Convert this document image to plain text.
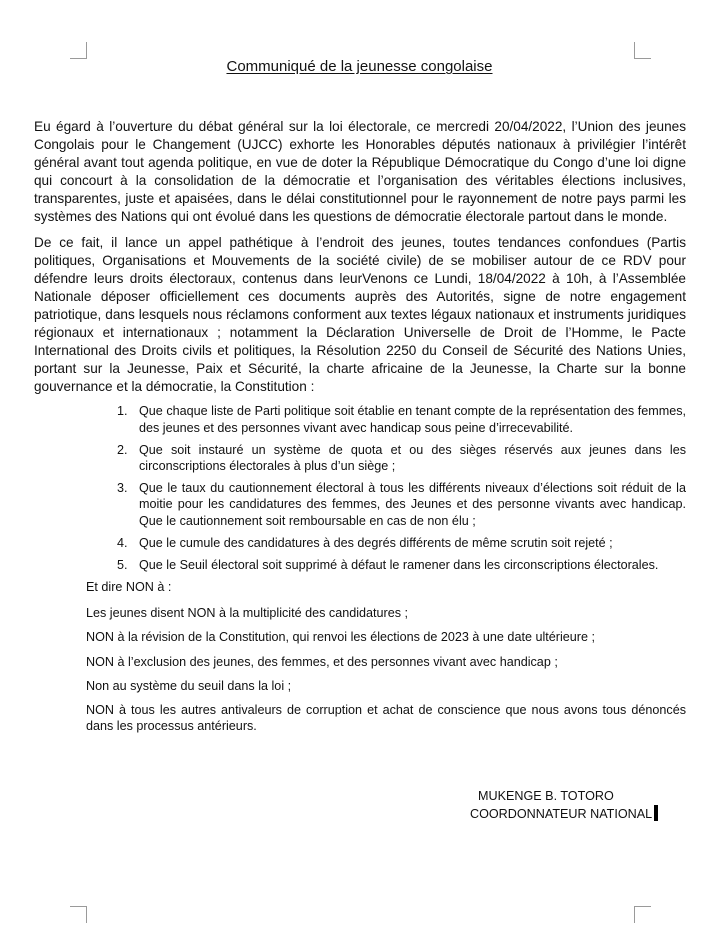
Communiqué de la jeunesse congolaise

Eu égard à l’ouverture du débat général sur la loi électorale, ce mercredi 20/04/2022, l’Union des jeunes Congolais pour le Changement (UJCC) exhorte les Honorables députés nationaux à privilégier l’intérêt général avant tout agenda politique, en vue de doter la République Démocratique du Congo d’une loi digne qui concourt à la consolidation de la démocratie et l’organisation des véritables élections inclusives, transparentes, juste et apaisées, dans le délai constitutionnel pour le rayonnement de notre pays parmi les systèmes des Nations qui ont évolué dans les questions de démocratie électorale partout dans le monde.

De ce fait, il lance un appel pathétique à l’endroit des jeunes, toutes tendances confondues (Partis politiques, Organisations et Mouvements de la société civile) de se mobiliser autour de ce RDV pour défendre leurs droits électoraux, contenus dans leurVenons ce Lundi, 18/04/2022 à 10h, à l’Assemblée Nationale déposer officiellement ces documents auprès des Autorités, signe de notre engagement patriotique, dans lesquels nous réclamons conforment aux textes légaux nationaux et instruments juridiques régionaux et internationaux ; notamment la Déclaration Universelle de Droit de l’Homme, le Pacte International des Droits civils et politiques, la Résolution 2250 du Conseil de Sécurité des Nations Unies, portant sur la Jeunesse, Paix et Sécurité, la charte africaine de la Jeunesse, la Charte sur la bonne gouvernance et la démocratie, la Constitution :

1. Que chaque liste de Parti politique soit établie en tenant compte de la représentation des femmes, des jeunes et des personnes vivant avec handicap sous peine d’irrecevabilité.
2. Que soit instauré un système de quota et ou des sièges réservés aux jeunes dans les circonscriptions électorales à plus d’un siège ;
3. Que le taux du cautionnement électoral à tous les différents niveaux d’élections soit réduit de la moitie pour les candidatures des femmes, des Jeunes et des personne vivants avec handicap. Que le cautionnement soit remboursable en cas de non élu ;
4. Que le cumule des candidatures à des degrés différents de même scrutin soit rejeté ;
5. Que le Seuil électoral soit supprimé à défaut le ramener dans les circonscriptions électorales.
Et dire NON à :
Les jeunes disent NON à la multiplicité des candidatures ;
NON à la révision de la Constitution, qui renvoi les élections de 2023 à une date ultérieure ;
NON à l’exclusion des jeunes, des femmes, et des personnes vivant avec handicap ;
Non au système du seuil dans la loi ;
NON à tous les autres antivaleurs de corruption et achat de conscience que nous avons tous dénoncés dans les processus antérieurs.
MUKENGE B. TOTORO
COORDONNATEUR NATIONAL
